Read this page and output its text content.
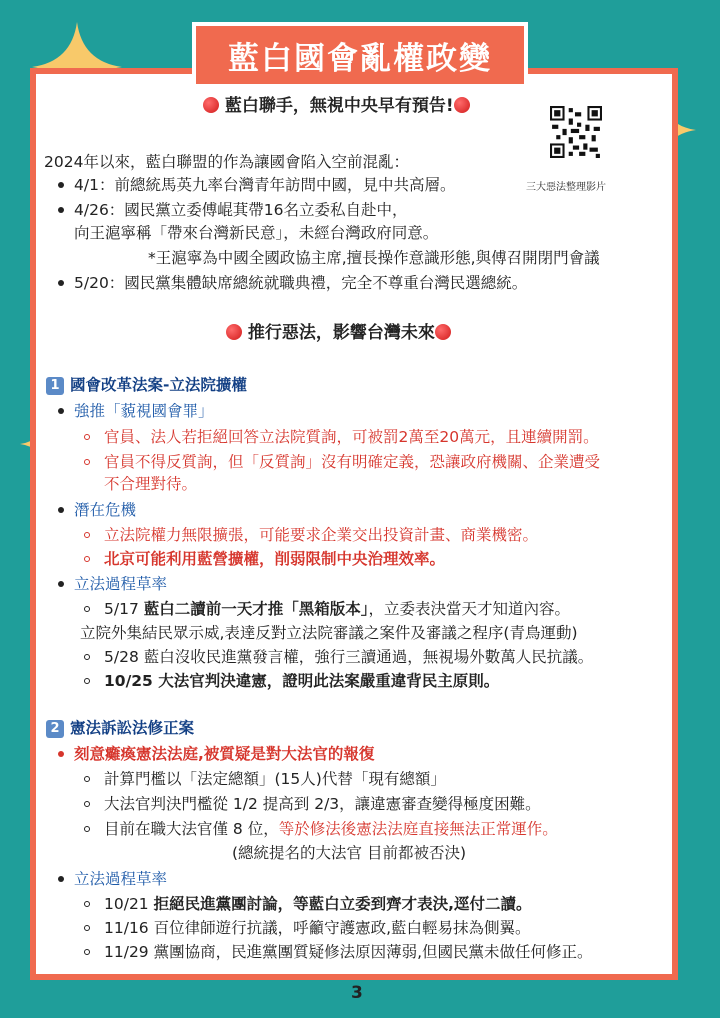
藍白國會亂權政變
藍白聯手，無視中央早有預告!
三大惡法整理影片
2024年以來，藍白聯盟的作為讓國會陷入空前混亂：
4/1：前總統馬英九率台灣青年訪問中國，見中共高層。
4/26：國民黨立委傅崐萁帶16名立委私自赴中，
向王滬寧稱「帶來台灣新民意」，未經台灣政府同意。
*王滬寧為中國全國政協主席,擅長操作意識形態,與傅召開閉門會議
5/20：國民黨集體缺席總統就職典禮，完全不尊重台灣民選總統。
推行惡法，影響台灣未來
1 國會改革法案-立法院擴權
強推「藐視國會罪」
官員、法人若拒絕回答立法院質詢，可被罰2萬至20萬元，且連續開罰。
官員不得反質詢，但「反質詢」沒有明確定義，恐讓政府機關、企業遭受
不合理對待。
潛在危機
立法院權力無限擴張，可能要求企業交出投資計畫、商業機密。
北京可能利用藍營擴權，削弱限制中央治理效率。
立法過程草率
5/17 藍白二讀前一天才推「黑箱版本」，立委表決當天才知道內容。
立院外集結民眾示威,表達反對立法院審議之案件及審議之程序(青鳥運動)
5/28 藍白沒收民進黨發言權，強行三讀通過，無視場外數萬人民抗議。
10/25 大法官判決違憲，證明此法案嚴重違背民主原則。
2 憲法訴訟法修正案
刻意癱瘓憲法法庭,被質疑是對大法官的報復
計算門檻以「法定總額」(15人)代替「現有總額」
大法官判決門檻從 1/2 提高到 2/3，讓違憲審查變得極度困難。
目前在職大法官僅 8 位，等於修法後憲法法庭直接無法正常運作。
(總統提名的大法官 目前都被否決)
立法過程草率
10/21 拒絕民進黨團討論，等藍白立委到齊才表決,逕付二讀。
11/16 百位律師遊行抗議，呼籲守護憲政,藍白輕易抹為側翼。
11/29 黨團協商，民進黨團質疑修法原因薄弱,但國民黨未做任何修正。
3
